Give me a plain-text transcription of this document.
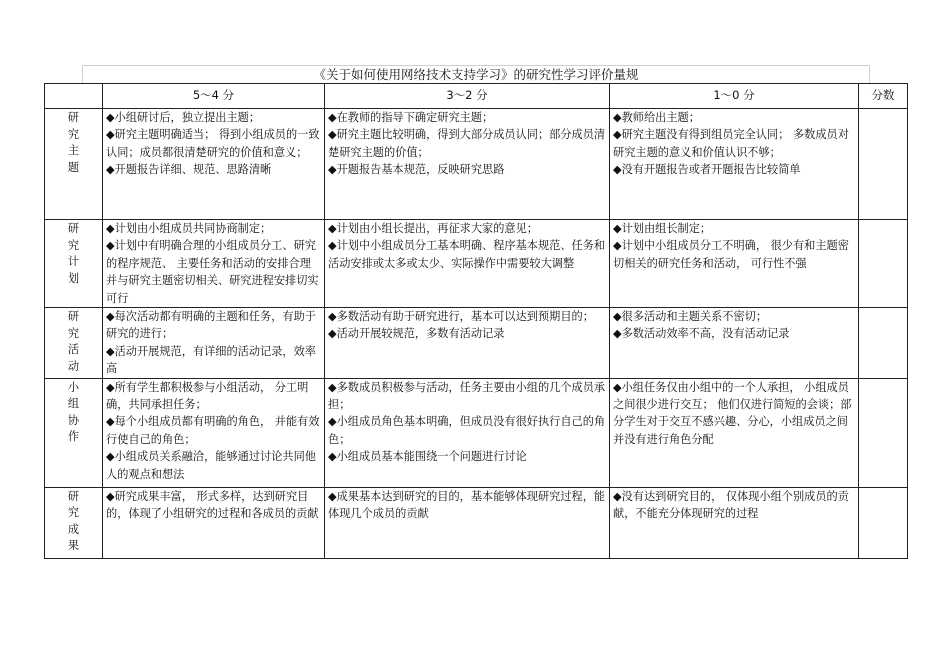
《关于如何使用网络技术支持学习》的研究性学习评价量规
	5～4 分	3～2 分	1～0 分	分数

研究主题	◆小组研讨后，独立提出主题；
◆研究主题明确适当； 得到小组成员的一致认同；成员都很清楚研究的价值和意义；
◆开题报告详细、规范、思路清晰	◆在教师的指导下确定研究主题；
◆研究主题比较明确，得到大部分成员认同；部分成员清楚研究主题的价值；
◆开题报告基本规范，反映研究思路	◆教师给出主题；
◆研究主题没有得到组员完全认同； 多数成员对研究主题的意义和价值认识不够；
◆没有开题报告或者开题报告比较简单	

研究计划	◆计划由小组成员共同协商制定；
◆计划中有明确合理的小组成员分工、研究的程序规范、 主要任务和活动的安排合理并与研究主题密切相关、研究进程安排切实可行	◆计划由小组长提出，再征求大家的意见；
◆计划中小组成员分工基本明确、程序基本规范、任务和活动安排或太多或太少、实际操作中需要较大调整	◆计划由组长制定；
◆计划中小组成员分工不明确， 很少有和主题密切相关的研究任务和活动， 可行性不强	

研究活动	◆每次活动都有明确的主题和任务，有助于研究的进行；
◆活动开展规范，有详细的活动记录，效率高	◆多数活动有助于研究进行，基本可以达到预期目的；
◆活动开展较规范，多数有活动记录	◆很多活动和主题关系不密切；
◆多数活动效率不高，没有活动记录	

小组协作	◆所有学生都积极参与小组活动， 分工明确，共同承担任务；
◆每个小组成员都有明确的角色， 并能有效行使自己的角色；
◆小组成员关系融洽，能够通过讨论共同他人的观点和想法	◆多数成员积极参与活动，任务主要由小组的几个成员承担；
◆小组成员角色基本明确，但成员没有很好执行自己的角色；
◆小组成员基本能围绕一个问题进行讨论	◆小组任务仅由小组中的一个人承担， 小组成员之间很少进行交互； 他们仅进行简短的会谈；部分学生对于交互不感兴趣、分心，小组成员之间并没有进行角色分配	

研究成果	◆研究成果丰富， 形式多样，达到研究目的，体现了小组研究的过程和各成员的贡献	◆成果基本达到研究的目的，基本能够体现研究过程，能体现几个成员的贡献	◆没有达到研究目的， 仅体现小组个别成员的贡献，不能充分体现研究的过程	
